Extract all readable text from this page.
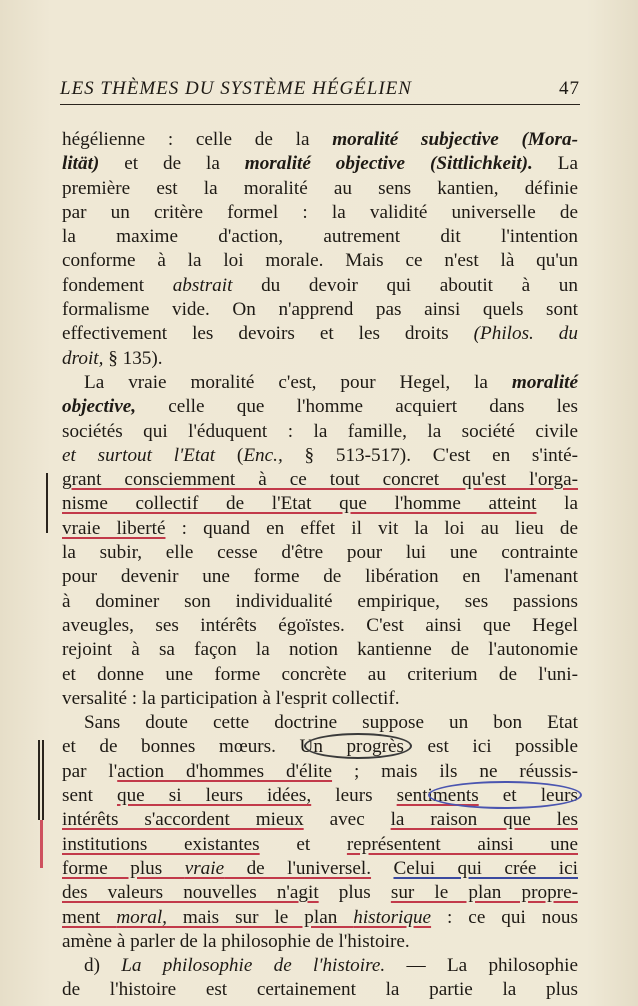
LES THÈMES DU SYSTÈME HÉGÉLIEN	47
hégélienne : celle de la moralité subjective (Mora-
lität) et de la moralité objective (Sittlichkeit). La
première est la moralité au sens kantien, définie
par un critère formel : la validité universelle de
la maxime d'action, autrement dit l'intention
conforme à la loi morale. Mais ce n'est là qu'un
fondement abstrait du devoir qui aboutit à un
formalisme vide. On n'apprend pas ainsi quels sont
effectivement les devoirs et les droits (Philos. du
droit, § 135).
La vraie moralité c'est, pour Hegel, la moralité
objective, celle que l'homme acquiert dans les
sociétés qui l'éduquent : la famille, la société civile
et surtout l'Etat (Enc., § 513-517). C'est en s'inté-
grant consciemment à ce tout concret qu'est l'orga-
nisme collectif de l'Etat que l'homme atteint la
vraie liberté : quand en effet il vit la loi au lieu de
la subir, elle cesse d'être pour lui une contrainte
pour devenir une forme de libération en l'amenant
à dominer son individualité empirique, ses passions
aveugles, ses intérêts égoïstes. C'est ainsi que Hegel
rejoint à sa façon la notion kantienne de l'autonomie
et donne une forme concrète au criterium de l'uni-
versalité : la participation à l'esprit collectif.
Sans doute cette doctrine suppose un bon Etat
et de bonnes mœurs. Un progrès est ici possible
par l'action d'hommes d'élite ; mais ils ne réussis-
sent que si leurs idées, leurs sentiments et leurs
intérêts s'accordent mieux avec la raison que les
institutions existantes et représentent ainsi une
forme plus vraie de l'universel. Celui qui crée ici
des valeurs nouvelles n'agit plus sur le plan propre-
ment moral, mais sur le plan historique : ce qui nous
amène à parler de la philosophie de l'histoire.
d) La philosophie de l'histoire. — La philosophie
de l'histoire est certainement la partie la plus
